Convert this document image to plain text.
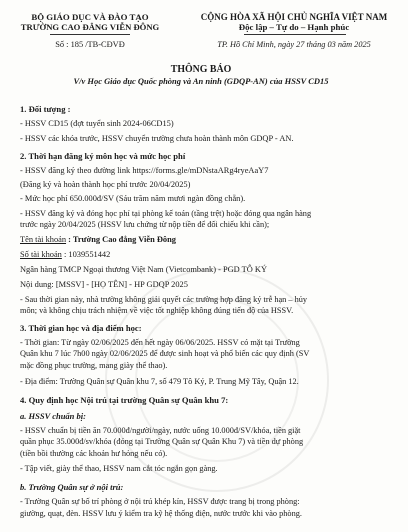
BỘ GIÁO DỤC VÀ ĐÀO TẠO
TRƯỜNG CAO ĐẲNG VIỄN ĐÔNG
Số : 185 /TB-CĐVĐ
CỘNG HÒA XÃ HỘI CHỦ NGHĨA VIỆT NAM
Độc lập – Tự do – Hạnh phúc
TP. Hồ Chí Minh, ngày 27 tháng 03 năm 2025
THÔNG BÁO
V/v Học Giáo dục Quốc phòng và An ninh (GDQP-AN) của HSSV CD15
1. Đối tượng :
- HSSV CD15 (đợt tuyển sinh 2024-06CD15)
- HSSV các khóa trước, HSSV chuyển trường chưa hoàn thành môn GDQP - AN.
2. Thời hạn đăng ký môn học và mức học phí
- HSSV đăng ký theo đường link https://forms.gle/mDNstaARg4ryeAaY7
(Đăng ký và hoàn thành học phí trước 20/04/2025)
- Mức học phí 650.000đ/SV (Sáu trăm năm mươi ngàn đồng chẵn).
- HSSV đăng ký và đóng học phí tại phòng kế toán (tầng trệt) hoặc đóng qua ngân hàng
trước ngày 20/04/2025 (HSSV lưu chứng từ nộp tiền để đối chiếu khi cần);
Tên tài khoản : Trường Cao đẳng Viễn Đông
Số tài khoản : 1039551442
Ngân hàng TMCP Ngoại thương Việt Nam (Vietcombank) - PGD TÔ KÝ
Nội dung: [MSSV] - [HỌ TÊN] - HP GDQP 2025
- Sau thời gian này, nhà trường không giải quyết các trường hợp đăng ký trễ hạn – hủy
môn; và không chịu trách nhiệm về việc tốt nghiệp không đúng tiến độ của HSSV.
3. Thời gian học và địa điểm học:
- Thời gian: Từ ngày 02/06/2025 đến hết ngày 06/06/2025. HSSV có mặt tại Trường
Quân khu 7 lúc 7h00 ngày 02/06/2025 để được sinh hoạt và phổ biến các quy định (SV
mặc đồng phục trường, mang giày thể thao).
- Địa điểm: Trường Quân sự Quân khu 7, số 479 Tô Ký, P. Trung Mỹ Tây, Quận 12.
4. Quy định học Nội trú tại trường Quân sự Quân khu 7:
a. HSSV chuẩn bị:
- HSSV chuẩn bị tiền ăn 70.000đ/người/ngày, nước uống 10.000đ/SV/khóa, tiền giặt
quần phục 35.000đ/sv/khóa (đóng tại Trường Quân sự Quân Khu 7) và tiền dự phòng
(tiền bồi thường các khoản hư hỏng nếu có).
- Tập viết, giày thể thao, HSSV nam cắt tóc ngắn gọn gàng.
b. Trường Quân sự ở nội trú:
- Trường Quân sự bố trí phòng ở nội trú khép kín, HSSV được trang bị trong phòng:
giường, quạt, đèn. HSSV lưu ý kiểm tra kỹ hệ thống điện, nước trước khi vào phòng.
